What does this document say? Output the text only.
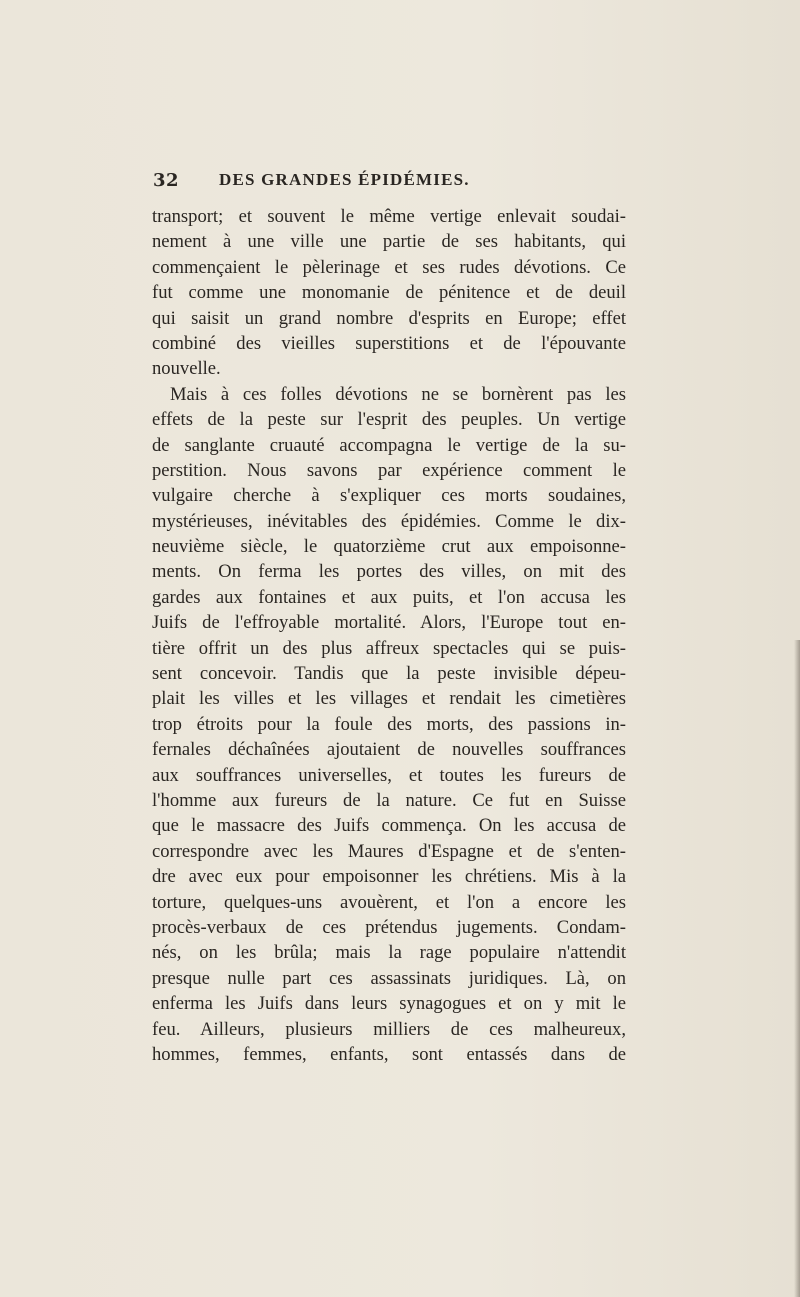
32 DES GRANDES ÉPIDÉMIES.
transport; et souvent le même vertige enlevait soudai-
nement à une ville une partie de ses habitants, qui
commençaient le pèlerinage et ses rudes dévotions. Ce
fut comme une monomanie de pénitence et de deuil
qui saisit un grand nombre d'esprits en Europe; effet
combiné des vieilles superstitions et de l'épouvante
nouvelle.
Mais à ces folles dévotions ne se bornèrent pas les
effets de la peste sur l'esprit des peuples. Un vertige
de sanglante cruauté accompagna le vertige de la su-
perstition. Nous savons par expérience comment le
vulgaire cherche à s'expliquer ces morts soudaines,
mystérieuses, inévitables des épidémies. Comme le dix-
neuvième siècle, le quatorzième crut aux empoisonne-
ments. On ferma les portes des villes, on mit des
gardes aux fontaines et aux puits, et l'on accusa les
Juifs de l'effroyable mortalité. Alors, l'Europe tout en-
tière offrit un des plus affreux spectacles qui se puis-
sent concevoir. Tandis que la peste invisible dépeu-
plait les villes et les villages et rendait les cimetières
trop étroits pour la foule des morts, des passions in-
fernales déchaînées ajoutaient de nouvelles souffrances
aux souffrances universelles, et toutes les fureurs de
l'homme aux fureurs de la nature. Ce fut en Suisse
que le massacre des Juifs commença. On les accusa de
correspondre avec les Maures d'Espagne et de s'enten-
dre avec eux pour empoisonner les chrétiens. Mis à la
torture, quelques-uns avouèrent, et l'on a encore les
procès-verbaux de ces prétendus jugements. Condam-
nés, on les brûla; mais la rage populaire n'attendit
presque nulle part ces assassinats juridiques. Là, on
enferma les Juifs dans leurs synagogues et on y mit le
feu. Ailleurs, plusieurs milliers de ces malheureux,
hommes, femmes, enfants, sont entassés dans de
